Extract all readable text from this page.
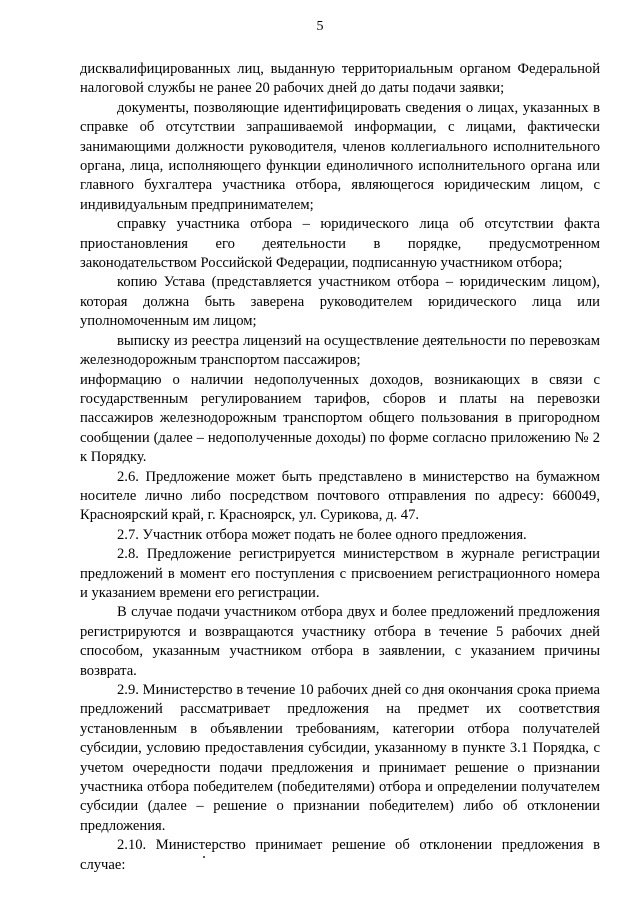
5

дисквалифицированных лиц, выданную территориальным органом Федеральной налоговой службы не ранее 20 рабочих дней до даты подачи заявки;

документы, позволяющие идентифицировать сведения о лицах, указанных в справке об отсутствии запрашиваемой информации, с лицами, фактически занимающими должности руководителя, членов коллегиального исполнительного органа, лица, исполняющего функции единоличного исполнительного органа или главного бухгалтера участника отбора, являющегося юридическим лицом, с индивидуальным предпринимателем;

справку участника отбора – юридического лица об отсутствии факта приостановления его деятельности в порядке, предусмотренном законодательством Российской Федерации, подписанную участником отбора;

копию Устава (представляется участником отбора – юридическим лицом), которая должна быть заверена руководителем юридического лица или уполномоченным им лицом;

выписку из реестра лицензий на осуществление деятельности по перевозкам железнодорожным транспортом пассажиров;

информацию о наличии недополученных доходов, возникающих в связи с государственным регулированием тарифов, сборов и платы на перевозки пассажиров железнодорожным транспортом общего пользования в пригородном сообщении (далее – недополученные доходы) по форме согласно приложению № 2 к Порядку.

2.6. Предложение может быть представлено в министерство на бумажном носителе лично либо посредством почтового отправления по адресу: 660049, Красноярский край, г. Красноярск, ул. Сурикова, д. 47.

2.7. Участник отбора может подать не более одного предложения.

2.8. Предложение регистрируется министерством в журнале регистрации предложений в момент его поступления с присвоением регистрационного номера и указанием времени его регистрации.

В случае подачи участником отбора двух и более предложений предложения регистрируются и возвращаются участнику отбора в течение 5 рабочих дней способом, указанным участником отбора в заявлении, с указанием причины возврата.

2.9. Министерство в течение 10 рабочих дней со дня окончания срока приема предложений рассматривает предложения на предмет их соответствия установленным в объявлении требованиям, категории отбора получателей субсидии, условию предоставления субсидии, указанному в пункте 3.1 Порядка, с учетом очередности подачи предложения и принимает решение о признании участника отбора победителем (победителями) отбора и определении получателем субсидии (далее – решение о признании победителем) либо об отклонении предложения.

2.10. Министерство принимает решение об отклонении предложения в случае:
